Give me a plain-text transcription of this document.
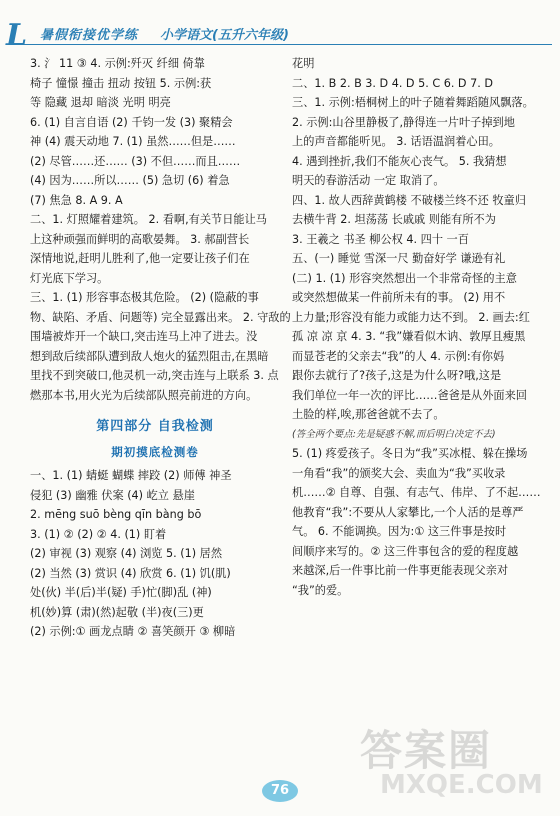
L 暑假衔接优学练 小学语文(五升六年级)
3. 氵 11 ③ 4. 示例:歼灭 纤细 倚靠
椅子 憧憬 撞击 扭动 按钮 5. 示例:获
等 隐藏 退却 暗淡 光明 明亮
6. (1) 自言自语 (2) 千钧一发 (3) 聚精会
神 (4) 震天动地 7. (1) 虽然……但是……
(2) 尽管……还…… (3) 不但……而且……
(4) 因为……所以…… (5) 急切 (6) 着急
(7) 焦急 8. A 9. A
二、1. 灯照耀着建筑。 2. 看啊,有关节日能让马
上这种顽强而鲜明的高歌晏舞。 3. 郝副营长
深情地说,赶明儿胜利了,他一定要让孩子们在
灯光底下学习。
三、1. (1) 形容事态极其危险。 (2) (隐蔽的事
物、缺陷、矛盾、问题等) 完全显露出来。 2. 守敌的
围墙被炸开一个缺口,突击连马上冲了进去。没
想到敌后续部队遭到敌人炮火的猛烈阻击,在黑暗
里找不到突破口,他灵机一动,突击连与上联系 3. 点
燃那本书,用火光为后续部队照亮前进的方向。
第四部分 自我检测
期初摸底检测卷
一、1. (1) 蜻蜓 蝴蝶 摔跤 (2) 师傅 神圣
侵犯 (3) 幽雅 伏案 (4) 屹立 悬崖
2. mēng suō bèng qīn bàng bō
3. (1) ② (2) ② 4. (1) 盯着
(2) 审视 (3) 观察 (4) 浏览 5. (1) 居然
(2) 当然 (3) 赏识 (4) 欣赏 6. (1) 饥(肌)
处(伙) 半(后)半(疑) 手)忙(脚)乱 (神)
机(妙)算 (肃)(然)起敬 (半)夜(三)更
(2) 示例:① 画龙点睛 ② 喜笑颜开 ③ 柳暗
花明
二、1. B 2. B 3. D 4. D 5. C 6. D 7. D
三、1. 示例:梧桐树上的叶子随着舞蹈随风飘落。
2. 示例:山谷里静极了,静得连一片叶子掉到地
上的声音都能听见。 3. 话语温润着心田。
4. 遇到挫折,我们不能灰心丧气。 5. 我猜想
明天的春游活动 一定 取消了。
四、1. 故人西辞黄鹤楼 不破楼兰终不还 牧童归
去横牛背 2. 坦荡荡 长戚戚 则能有所不为
3. 王羲之 书圣 柳公权 4. 四十 一百
五、(一) 睡觉 雪深一尺 勤奋好学 谦逊有礼
(二) 1. (1) 形容突然想出一个非常奇怪的主意
或突然想做某一件前所未有的事。 (2) 用不
上力量;形容没有能力或能力达不到。 2. 画去:红
孤 凉 凉 京 4. 3. “我”嫌看似木讷、敦厚且瘦黑
而显苍老的父亲去“我”的人 4. 示例:有你妈
跟你去就行了?孩子,这是为什么呀?哦,这是
我们单位一年一次的评比……爸爸是从外面来回
土脸的样,唉,那爸爸就不去了。
(答全两个要点:先是疑惑不解,而后明白决定不去)
5. (1) 疼爱孩子。冬日为“我”买冰棍、躲在操场
一角看“我”的颁奖大会、卖血为“我”买收录
机……② 自尊、自强、有志气、伟岸、了不起……
他教育“我”:不要从人家攀比,一个人活的是尊严
气。 6. 不能调换。因为:① 这三件事是按时
间顺序来写的。② 这三件事包含的爱的程度越
来越深,后一件事比前一件事更能表现父亲对
“我”的爱。
76
答案圈
MXQE.COM
